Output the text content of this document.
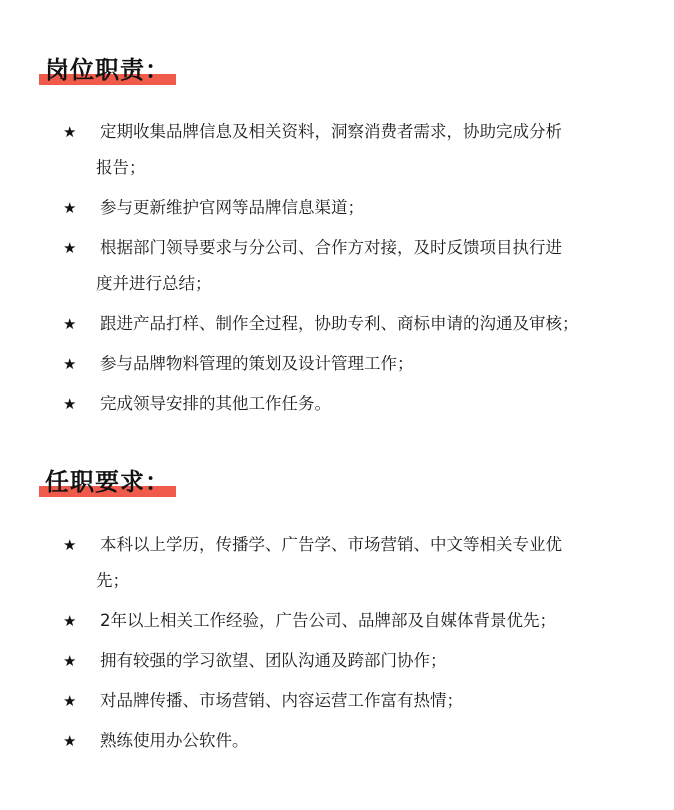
岗位职责：
★ 定期收集品牌信息及相关资料，洞察消费者需求，协助完成分析
报告；
★ 参与更新维护官网等品牌信息渠道；
★ 根据部门领导要求与分公司、合作方对接，及时反馈项目执行进
度并进行总结；
★ 跟进产品打样、制作全过程，协助专利、商标申请的沟通及审核；
★ 参与品牌物料管理的策划及设计管理工作；
★ 完成领导安排的其他工作任务。
任职要求：
★ 本科以上学历，传播学、广告学、市场营销、中文等相关专业优
先；
★ 2年以上相关工作经验，广告公司、品牌部及自媒体背景优先；
★ 拥有较强的学习欲望、团队沟通及跨部门协作；
★ 对品牌传播、市场营销、内容运营工作富有热情；
★ 熟练使用办公软件。
